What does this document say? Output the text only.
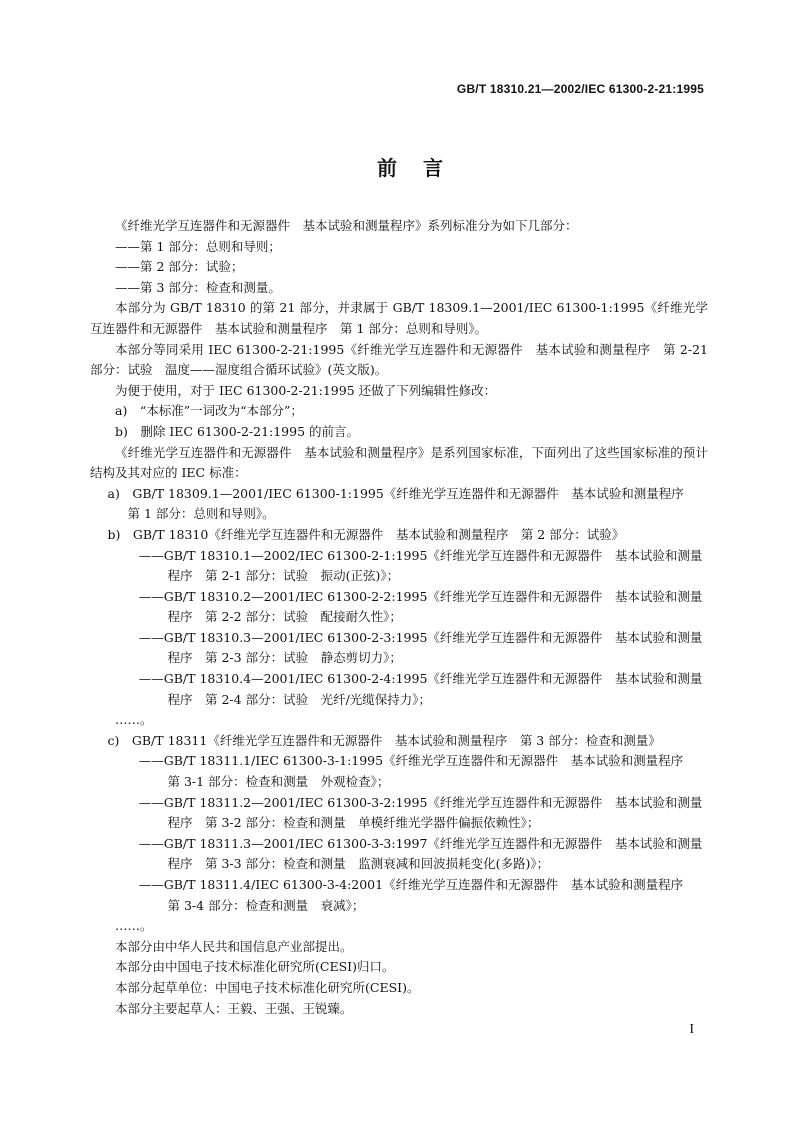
GB/T 18310.21—2002/IEC 61300-2-21:1995
前言

《纤维光学互连器件和无源器件　基本试验和测量程序》系列标准分为如下几部分：

——第 1 部分：总则和导则；

——第 2 部分：试验；

——第 3 部分：检查和测量。

本部分为 GB/T 18310 的第 21 部分，并隶属于 GB/T 18309.1—2001/IEC 61300-1:1995《纤维光学互连器件和无源器件　基本试验和测量程序　第 1 部分：总则和导则》。

本部分等同采用 IEC 61300-2-21:1995《纤维光学互连器件和无源器件　基本试验和测量程序　第 2-21 部分：试验　温度——湿度组合循环试验》(英文版)。

为便于使用，对于 IEC 61300-2-21:1995 还做了下列编辑性修改：

a)　“本标准”一词改为“本部分”；

b)　删除 IEC 61300-2-21:1995 的前言。

《纤维光学互连器件和无源器件　基本试验和测量程序》是系列国家标准，下面列出了这些国家标准的预计结构及其对应的 IEC 标准：

a)　GB/T 18309.1—2001/IEC 61300-1:1995《纤维光学互连器件和无源器件　基本试验和测量程序　第 1 部分：总则和导则》。

b)　GB/T 18310《纤维光学互连器件和无源器件　基本试验和测量程序　第 2 部分：试验》

——GB/T 18310.1—2002/IEC 61300-2-1:1995《纤维光学互连器件和无源器件　基本试验和测量程序　第 2-1 部分：试验　振动(正弦)》；

——GB/T 18310.2—2001/IEC 61300-2-2:1995《纤维光学互连器件和无源器件　基本试验和测量程序　第 2-2 部分：试验　配接耐久性》；

——GB/T 18310.3—2001/IEC 61300-2-3:1995《纤维光学互连器件和无源器件　基本试验和测量程序　第 2-3 部分：试验　静态剪切力》；

——GB/T 18310.4—2001/IEC 61300-2-4:1995《纤维光学互连器件和无源器件　基本试验和测量程序　第 2-4 部分：试验　光纤/光缆保持力》；

……。

c)　GB/T 18311《纤维光学互连器件和无源器件　基本试验和测量程序　第 3 部分：检查和测量》

——GB/T 18311.1/IEC 61300-3-1:1995《纤维光学互连器件和无源器件　基本试验和测量程序　第 3-1 部分：检查和测量　外观检查》；

——GB/T 18311.2—2001/IEC 61300-3-2:1995《纤维光学互连器件和无源器件　基本试验和测量程序　第 3-2 部分：检查和测量　单模纤维光学器件偏振依赖性》；

——GB/T 18311.3—2001/IEC 61300-3-3:1997《纤维光学互连器件和无源器件　基本试验和测量程序　第 3-3 部分：检查和测量　监测衰减和回波损耗变化(多路)》；

——GB/T 18311.4/IEC 61300-3-4:2001《纤维光学互连器件和无源器件　基本试验和测量程序　第 3-4 部分：检查和测量　衰减》；

……。

本部分由中华人民共和国信息产业部提出。

本部分由中国电子技术标准化研究所(CESI)归口。

本部分起草单位：中国电子技术标准化研究所(CESI)。

本部分主要起草人：王毅、王强、王锐臻。

I
